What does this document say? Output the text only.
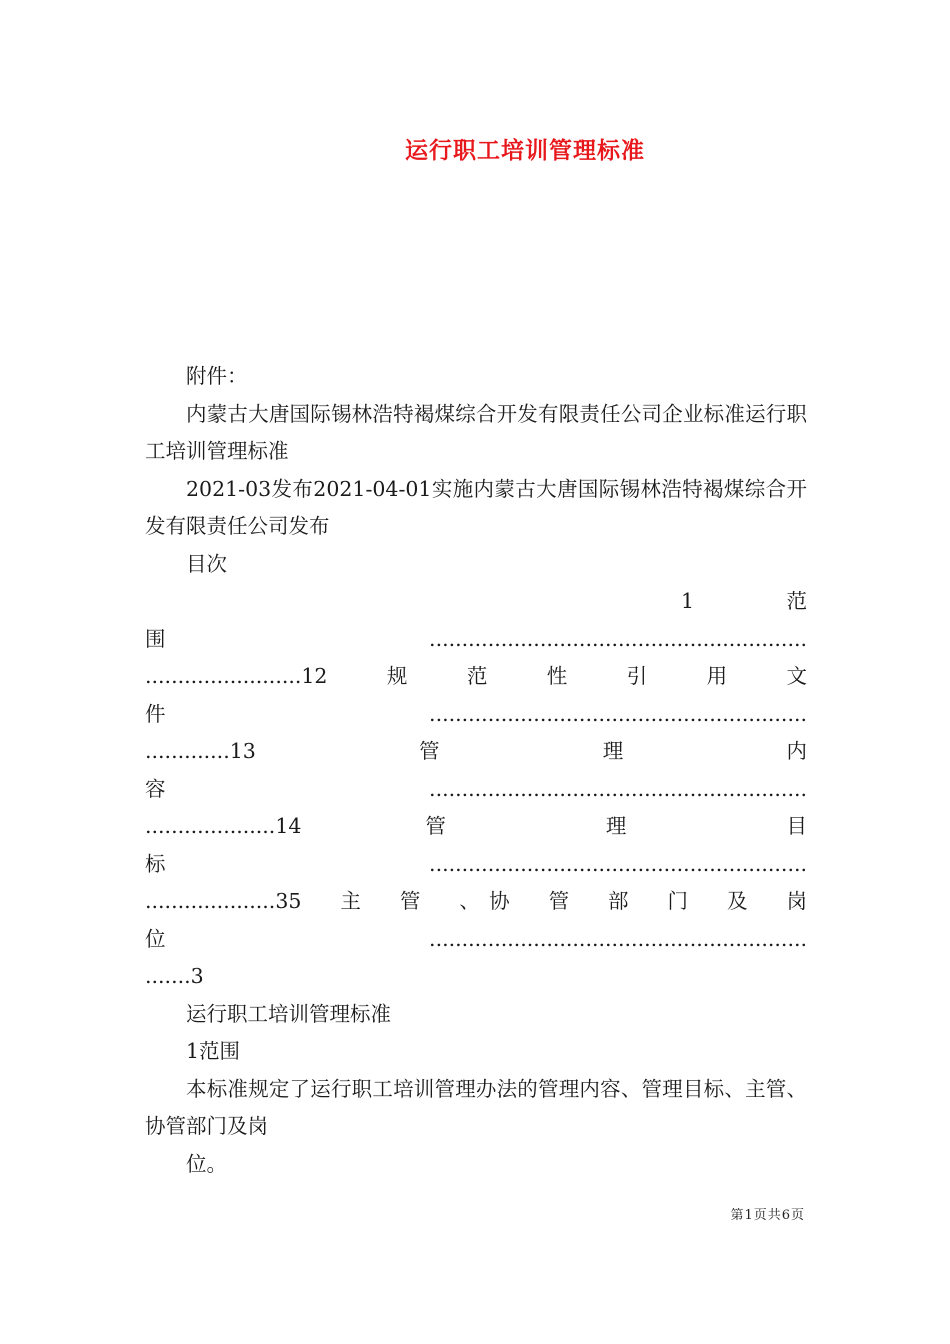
运行职工培训管理标准

附件：

内蒙古大唐国际锡林浩特褐煤综合开发有限责任公司企业标准运行职工培训管理标准

2021-03发布2021-04-01实施内蒙古大唐国际锡林浩特褐煤综合开发有限责任公司发布

目次

1　　　　范

围..........................................................

........................12　规　范　性　引　用　文

件..........................................................

.............13　　　　管　　　　理　　　　内

容..........................................................

....................14　　　管　　　　理　　　　目

标..........................................................

....................35　主　管　、协　管　部　门　及　岗

位..........................................................

.......3

运行职工培训管理标准

1范围

本标准规定了运行职工培训管理办法的管理内容、管理目标、主管、协管部门及岗

位。

第1页共6页
